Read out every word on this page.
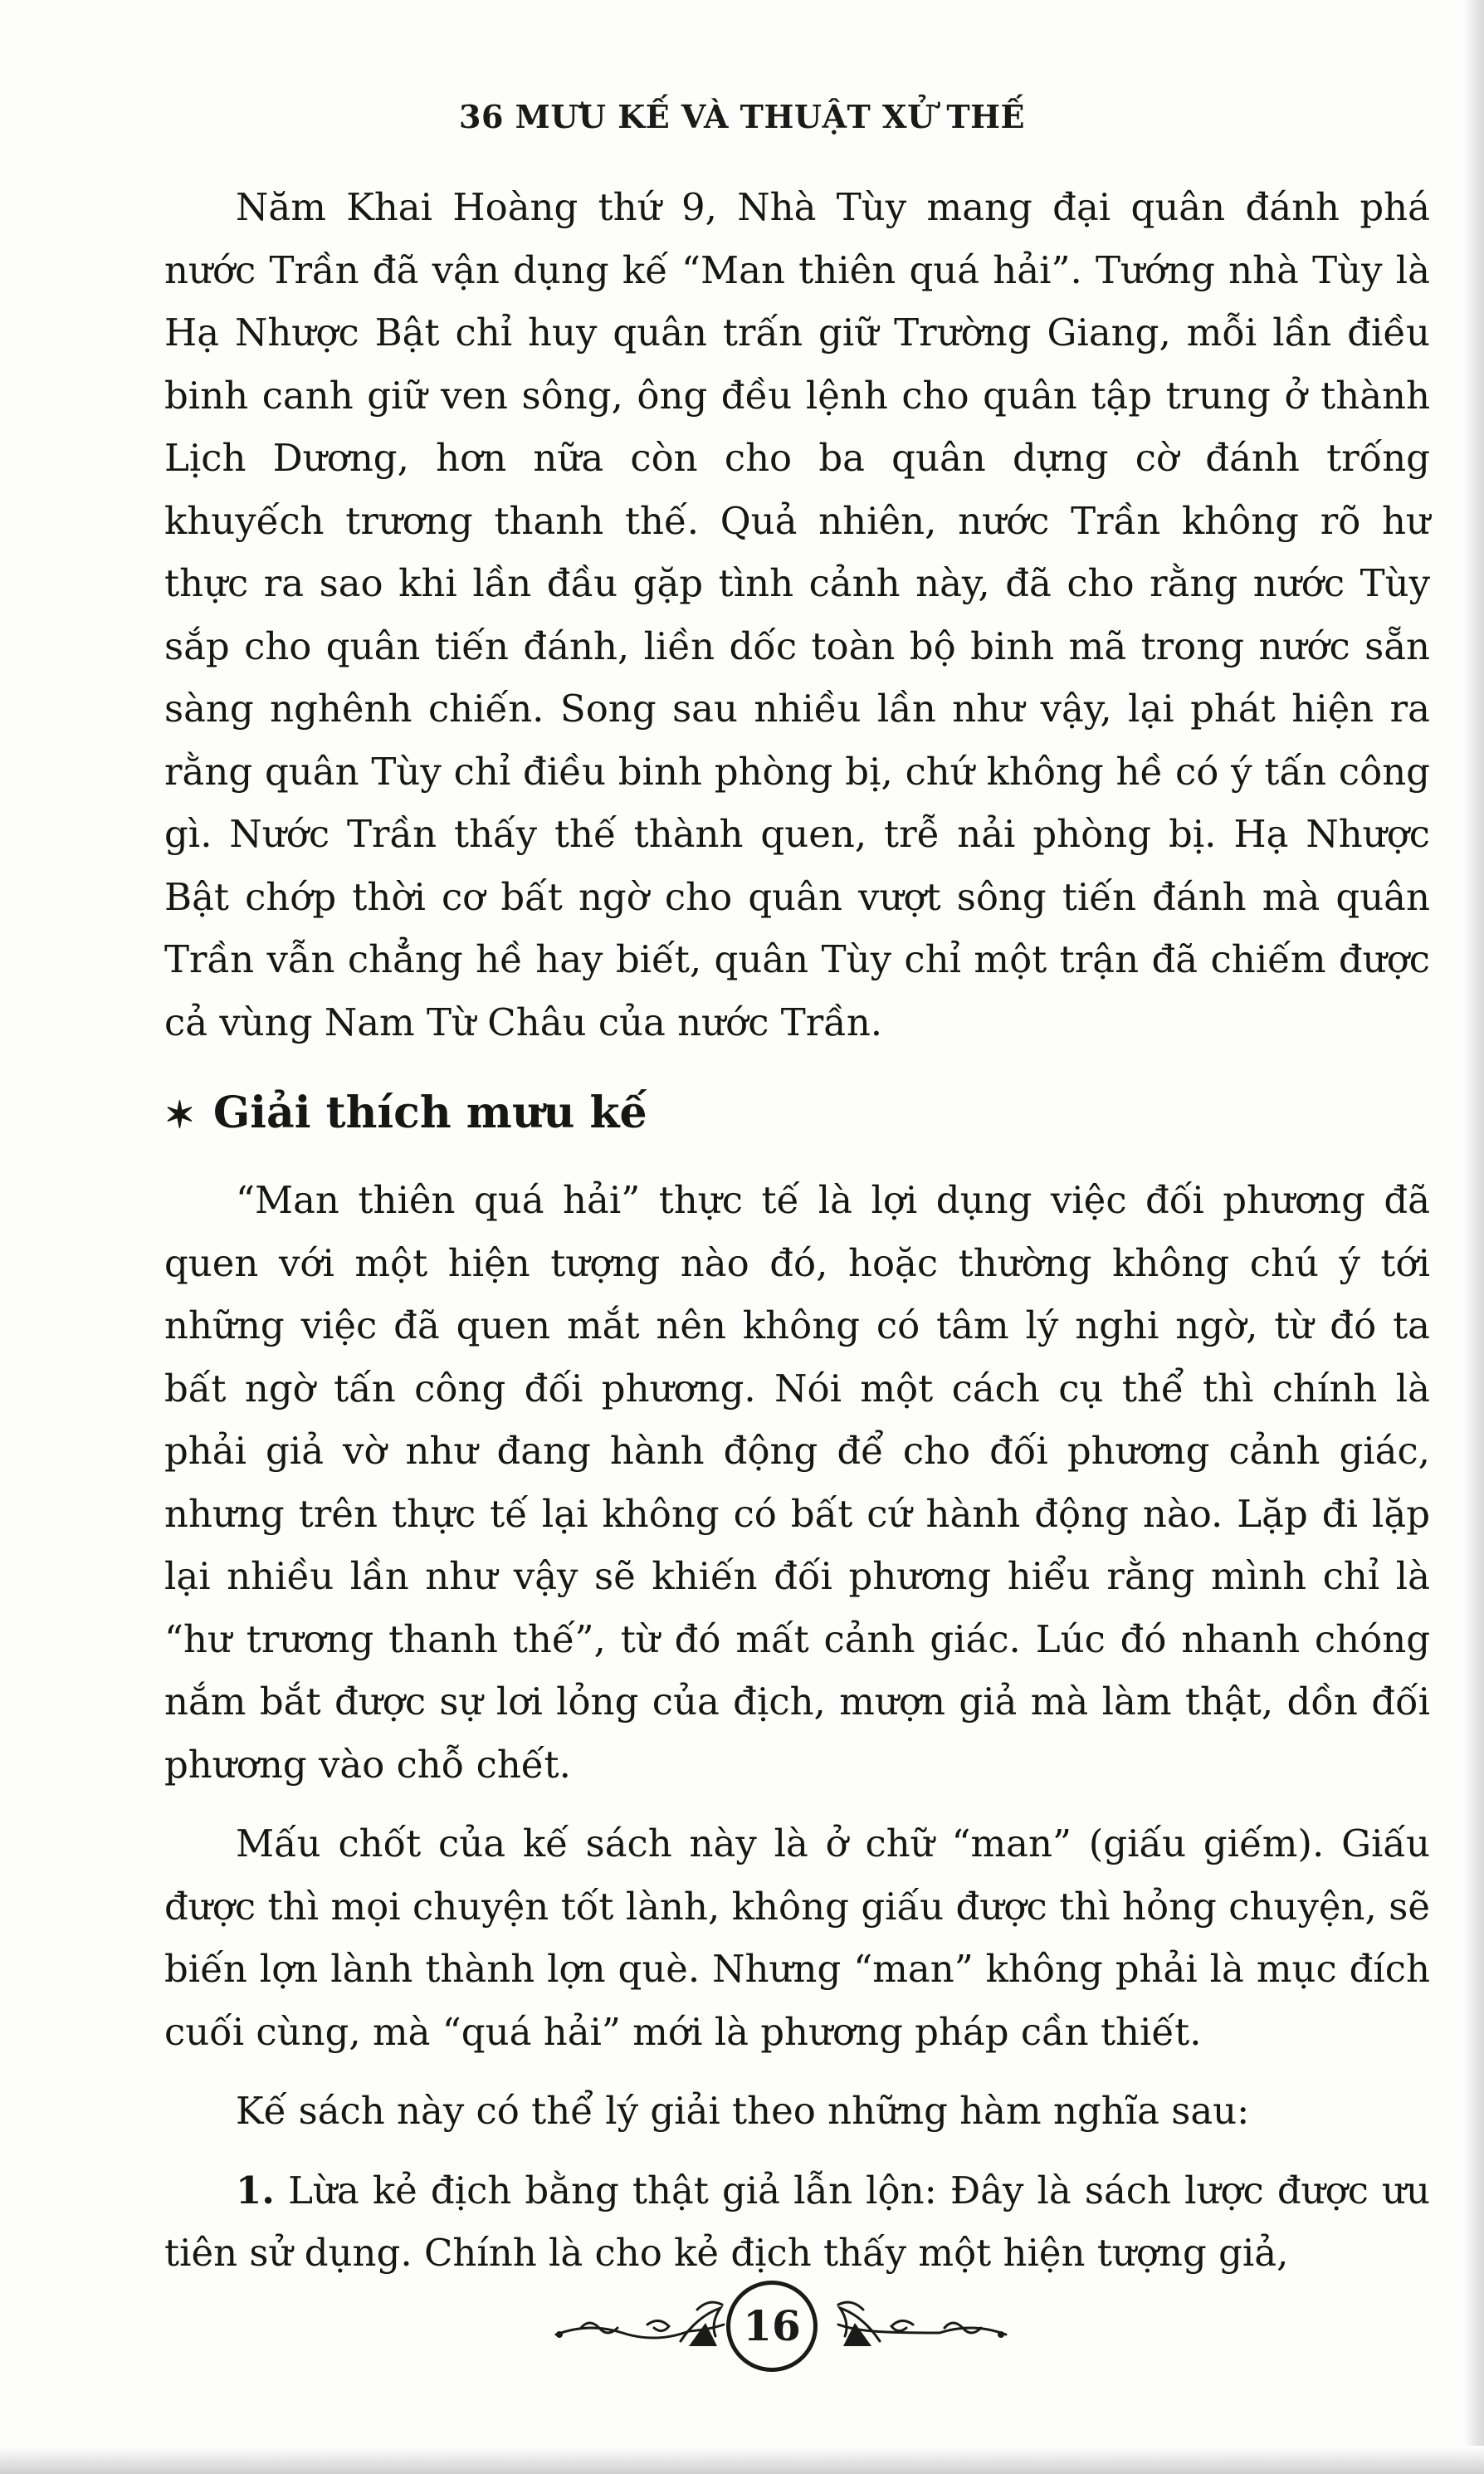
36 MƯU KẾ VÀ THUẬT XỬ THẾ

Năm Khai Hoàng thứ 9, Nhà Tùy mang đại quân đánh phá nước Trần đã vận dụng kế “Man thiên quá hải”. Tướng nhà Tùy là Hạ Nhược Bật chỉ huy quân trấn giữ Trường Giang, mỗi lần điều binh canh giữ ven sông, ông đều lệnh cho quân tập trung ở thành Lịch Dương, hơn nữa còn cho ba quân dựng cờ đánh trống khuyếch trương thanh thế. Quả nhiên, nước Trần không rõ hư thực ra sao khi lần đầu gặp tình cảnh này, đã cho rằng nước Tùy sắp cho quân tiến đánh, liền dốc toàn bộ binh mã trong nước sẵn sàng nghênh chiến. Song sau nhiều lần như vậy, lại phát hiện ra rằng quân Tùy chỉ điều binh phòng bị, chứ không hề có ý tấn công gì. Nước Trần thấy thế thành quen, trễ nải phòng bị. Hạ Nhược Bật chớp thời cơ bất ngờ cho quân vượt sông tiến đánh mà quân Trần vẫn chẳng hề hay biết, quân Tùy chỉ một trận đã chiếm được cả vùng Nam Từ Châu của nước Trần.

✶ Giải thích mưu kế

“Man thiên quá hải” thực tế là lợi dụng việc đối phương đã quen với một hiện tượng nào đó, hoặc thường không chú ý tới những việc đã quen mắt nên không có tâm lý nghi ngờ, từ đó ta bất ngờ tấn công đối phương. Nói một cách cụ thể thì chính là phải giả vờ như đang hành động để cho đối phương cảnh giác, nhưng trên thực tế lại không có bất cứ hành động nào. Lặp đi lặp lại nhiều lần như vậy sẽ khiến đối phương hiểu rằng mình chỉ là “hư trương thanh thế”, từ đó mất cảnh giác. Lúc đó nhanh chóng nắm bắt được sự lơi lỏng của địch, mượn giả mà làm thật, dồn đối phương vào chỗ chết.

Mấu chốt của kế sách này là ở chữ “man” (giấu giếm). Giấu được thì mọi chuyện tốt lành, không giấu được thì hỏng chuyện, sẽ biến lợn lành thành lợn què. Nhưng “man” không phải là mục đích cuối cùng, mà “quá hải” mới là phương pháp cần thiết.

Kế sách này có thể lý giải theo những hàm nghĩa sau:

1. Lừa kẻ địch bằng thật giả lẫn lộn: Đây là sách lược được ưu tiên sử dụng. Chính là cho kẻ địch thấy một hiện tượng giả,

16
